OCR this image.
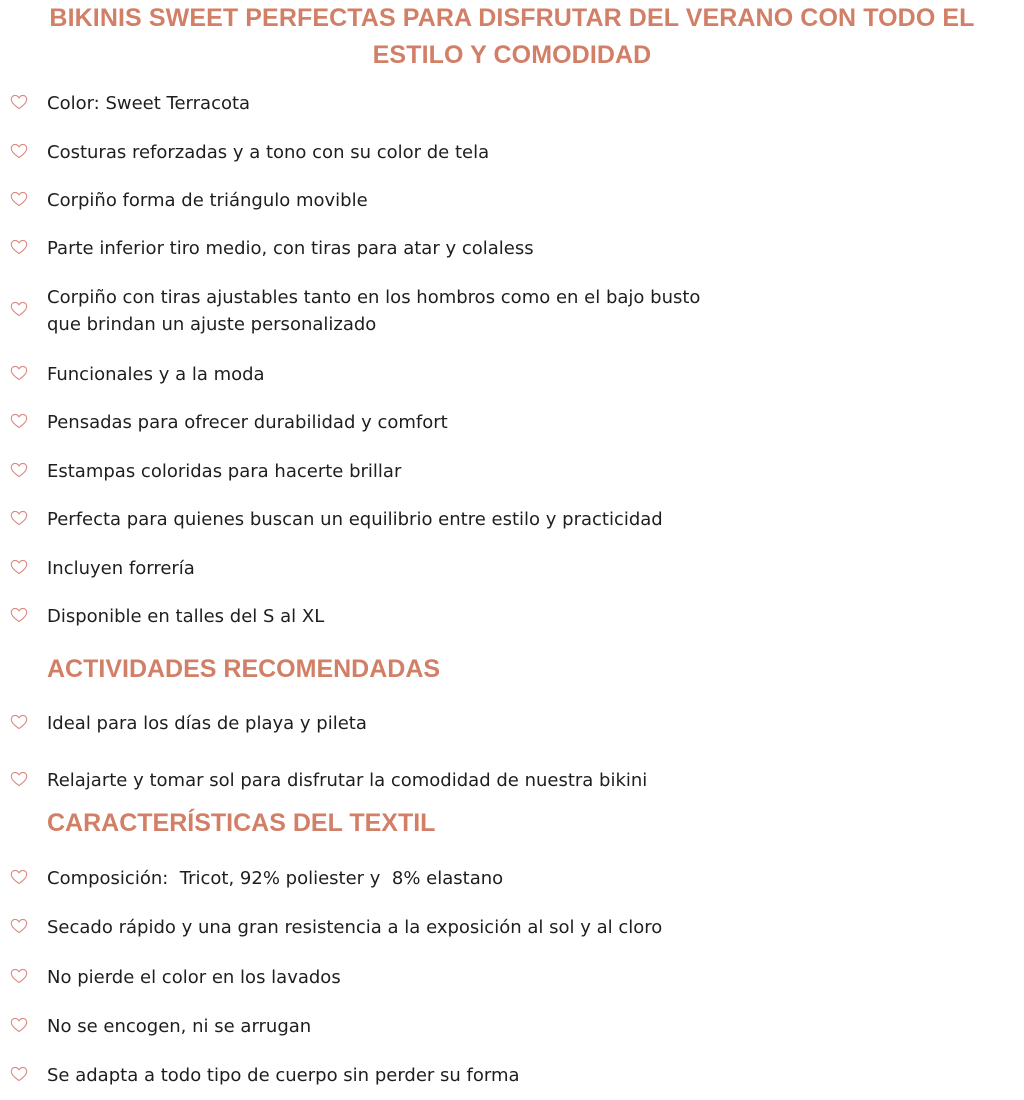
BIKINIS SWEET PERFECTAS PARA DISFRUTAR DEL VERANO CON TODO EL
ESTILO Y COMODIDAD
Color: Sweet Terracota
Costuras reforzadas y a tono con su color de tela
Corpiño forma de triángulo movible
Parte inferior tiro medio, con tiras para atar y colaless
Corpiño con tiras ajustables tanto en los hombros como en el bajo busto
que brindan un ajuste personalizado
Funcionales y a la moda
Pensadas para ofrecer durabilidad y comfort
Estampas coloridas para hacerte brillar
Perfecta para quienes buscan un equilibrio entre estilo y practicidad
Incluyen forrería
Disponible en talles del S al XL
ACTIVIDADES RECOMENDADAS
Ideal para los días de playa y pileta
Relajarte y tomar sol para disfrutar la comodidad de nuestra bikini
CARACTERÍSTICAS DEL TEXTIL
Composición:  Tricot, 92% poliester y  8% elastano
Secado rápido y una gran resistencia a la exposición al sol y al cloro
No pierde el color en los lavados
No se encogen, ni se arrugan
Se adapta a todo tipo de cuerpo sin perder su forma
